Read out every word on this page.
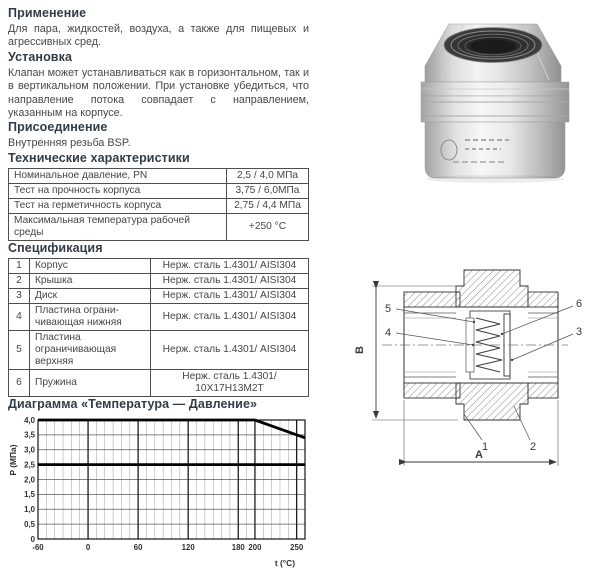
Применение

Для пара, жидкостей, воздуха, а также для пищевых и агрессивных сред.

Установка

Клапан может устанавливаться как в горизонтальном, так и в вертикальном положении. При установке убедиться, что направление потока совпадает с направлением, указанным на корпусе.

Присоединение

Внутренняя резьба BSP.

Технические характеристики
Номинальное давление, PN	2,5 / 4,0 МПа
Тест на прочность корпуса	3,75 / 6,0МПа
Тест на герметичность корпуса	2,75 / 4,4 МПа
Максимальная температура рабочей среды	+250 °С
Спецификация
1	Корпус	Нерж. сталь 1.4301/ AISI304
2	Крышка	Нерж. сталь 1.4301/ AISI304
3	Диск	Нерж. сталь 1.4301/ AISI304
4	Пластина ограни-чивающая нижняя	Нерж. сталь 1.4301/ AISI304
5	Пластина ограничивающая верхняя	Нерж. сталь 1.4301/ AISI304
6	Пружина	Нерж. сталь 1.4301/ 10X17H13M2T
Диаграмма «Температура — Давление»
0
0,5
1,0
1,5
2,0
2,5
3,0
3,5
4,0
-60	0	60	120	180 200	250
P (МПа)
t (°С)
B
A
5
4
6
3
1	2
